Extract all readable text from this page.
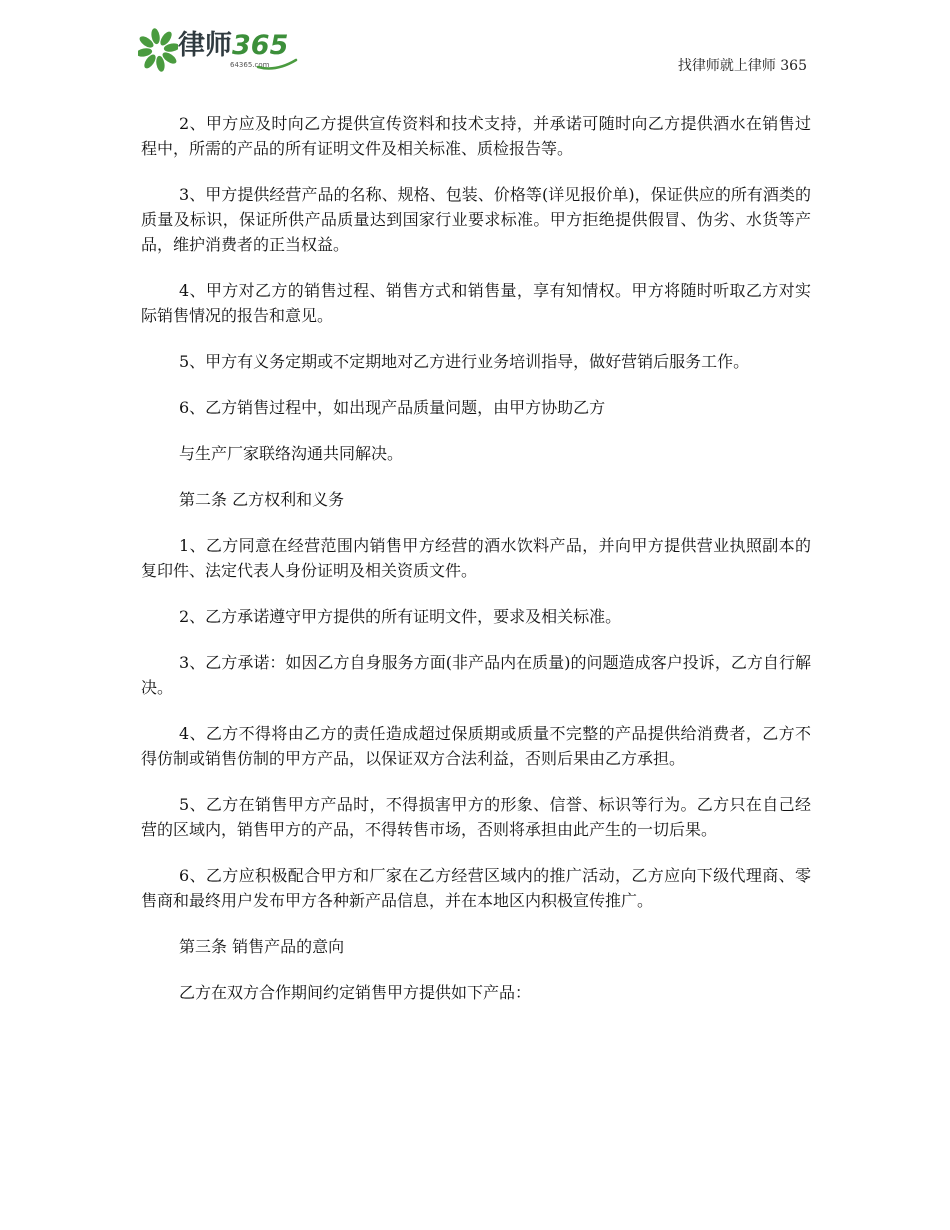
律师365
64365.com	找律师就上律师 365

2、甲方应及时向乙方提供宣传资料和技术支持，并承诺可随时向乙方提供酒水在销售过程中，所需的产品的所有证明文件及相关标准、质检报告等。

3、甲方提供经营产品的名称、规格、包装、价格等(详见报价单)，保证供应的所有酒类的质量及标识，保证所供产品质量达到国家行业要求标准。甲方拒绝提供假冒、伪劣、水货等产品，维护消费者的正当权益。

4、甲方对乙方的销售过程、销售方式和销售量，享有知情权。甲方将随时听取乙方对实际销售情况的报告和意见。

5、甲方有义务定期或不定期地对乙方进行业务培训指导，做好营销后服务工作。

6、乙方销售过程中，如出现产品质量问题，由甲方协助乙方

与生产厂家联络沟通共同解决。

第二条 乙方权利和义务

1、乙方同意在经营范围内销售甲方经营的酒水饮料产品，并向甲方提供营业执照副本的复印件、法定代表人身份证明及相关资质文件。

2、乙方承诺遵守甲方提供的所有证明文件，要求及相关标准。

3、乙方承诺：如因乙方自身服务方面(非产品内在质量)的问题造成客户投诉，乙方自行解决。

4、乙方不得将由乙方的责任造成超过保质期或质量不完整的产品提供给消费者，乙方不得仿制或销售仿制的甲方产品，以保证双方合法利益，否则后果由乙方承担。

5、乙方在销售甲方产品时，不得损害甲方的形象、信誉、标识等行为。乙方只在自己经营的区域内，销售甲方的产品，不得转售市场，否则将承担由此产生的一切后果。

6、乙方应积极配合甲方和厂家在乙方经营区域内的推广活动，乙方应向下级代理商、零售商和最终用户发布甲方各种新产品信息，并在本地区内积极宣传推广。

第三条 销售产品的意向

乙方在双方合作期间约定销售甲方提供如下产品：
